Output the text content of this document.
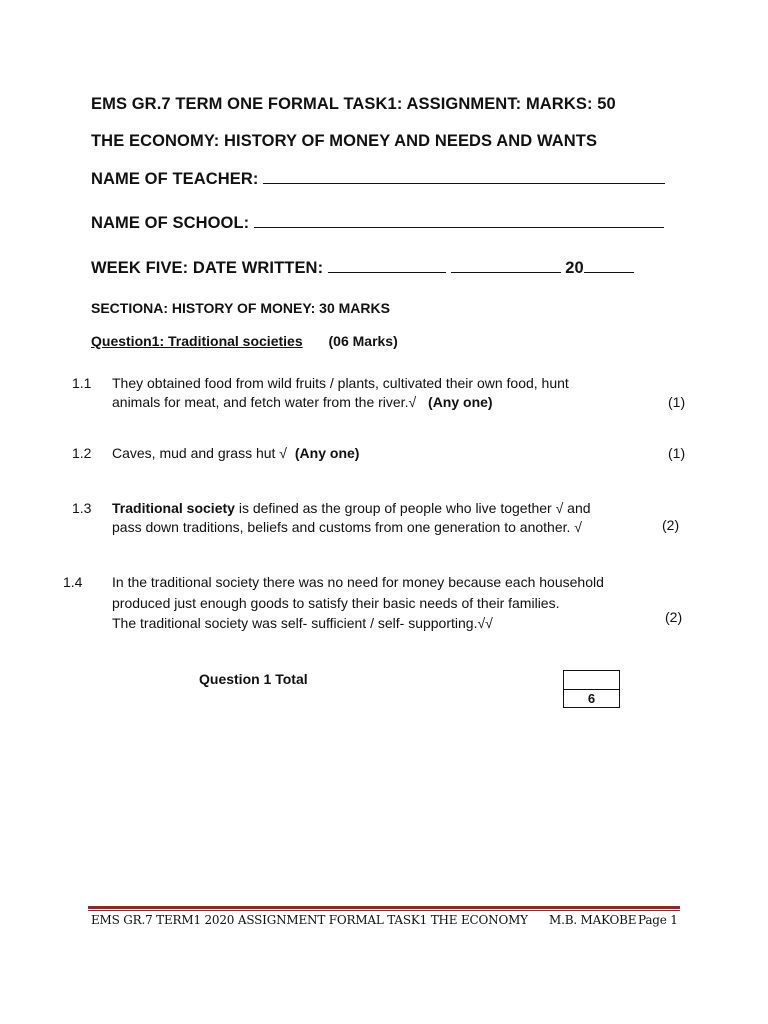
EMS GR.7 TERM ONE FORMAL TASK1: ASSIGNMENT: MARKS: 50
THE ECONOMY: HISTORY OF MONEY AND NEEDS AND WANTS
NAME OF TEACHER:
NAME OF SCHOOL:
WEEK FIVE: DATE WRITTEN:	20
SECTIONA: HISTORY OF MONEY: 30 MARKS
Question1: Traditional societies (06 Marks)
1.1 They obtained food from wild fruits / plants, cultivated their own food, hunt
animals for meat, and fetch water from the river.√ (Any one)	(1)
1.2 Caves, mud and grass hut √ (Any one)	(1)
1.3 Traditional society is defined as the group of people who live together √ and
pass down traditions, beliefs and customs from one generation to another. √	(2)
1.4 In the traditional society there was no need for money because each household
produced just enough goods to satisfy their basic needs of their families.
The traditional society was self- sufficient / self- supporting.√√	(2)
Question 1 Total
6
EMS GR.7 TERM1 2020 ASSIGNMENT FORMAL TASK1 THE ECONOMY M.B. MAKOBE Page 1
